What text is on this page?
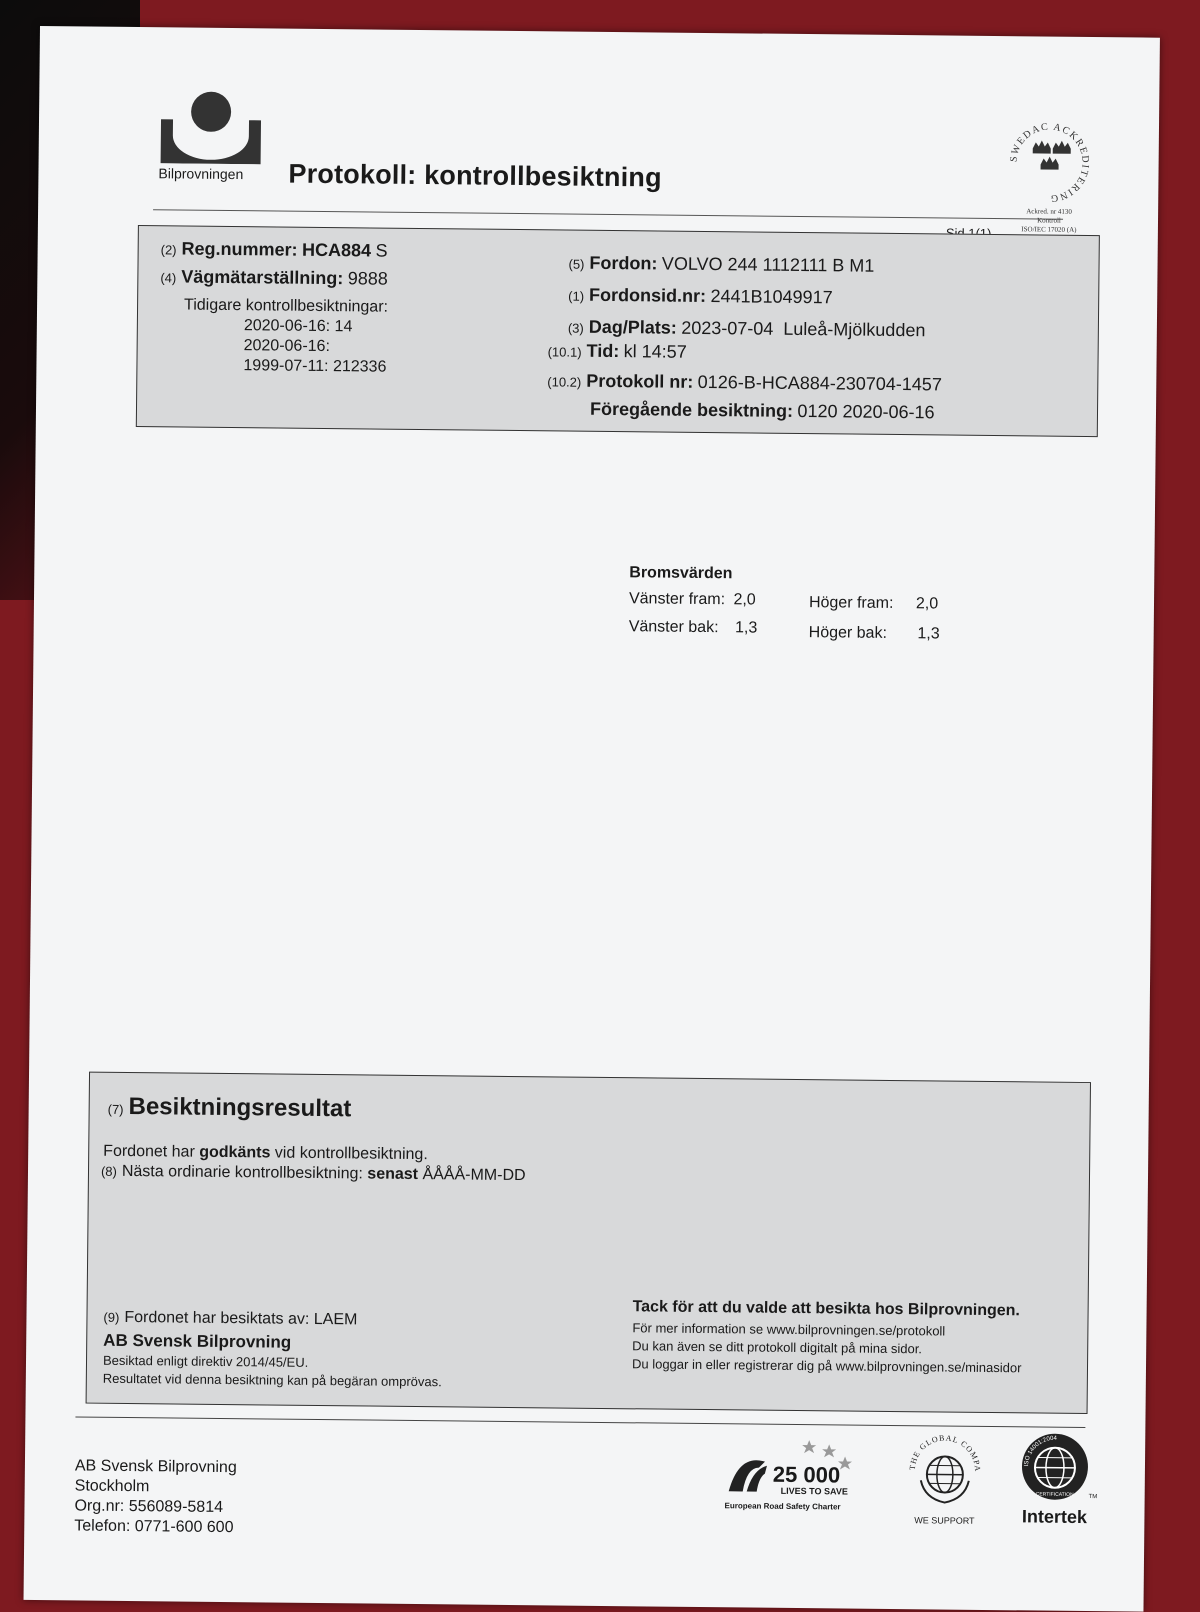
Bilprovningen	Protokoll: kontrollbesiktning
SWEDAC ACKREDITERING
Ackred. nr 4130
Kontroll
ISO/IEC 17020 (A)
(2) Reg.nummer: HCA884 S
(4) Vägmätarställning: 9888
Tidigare kontrollbesiktningar:
2020-06-16: 14
2020-06-16:
1999-07-11: 212336
(5) Fordon: VOLVO 244 1112111 B M1
(1) Fordonsid.nr: 2441B1049917
(3) Dag/Plats: 2023-07-04  Luleå-Mjölkudden
(10.1) Tid: kl 14:57
(10.2) Protokoll nr: 0126-B-HCA884-230704-1457
Föregående besiktning: 0120 2020-06-16
Bromsvärden
Vänster fram: 2,0	Höger fram: 2,0
Vänster bak: 1,3	Höger bak: 1,3
(7) Besiktningsresultat
Fordonet har godkänts vid kontrollbesiktning.
(8) Nästa ordinarie kontrollbesiktning: senast ÅÅÅÅ-MM-DD
(9) Fordonet har besiktats av: LAEM
AB Svensk Bilprovning
Besiktad enligt direktiv 2014/45/EU.
Resultatet vid denna besiktning kan på begäran omprövas.
Tack för att du valde att besikta hos Bilprovningen.
För mer information se www.bilprovningen.se/protokoll
Du kan även se ditt protokoll digitalt på mina sidor.
Du loggar in eller registrerar dig på www.bilprovningen.se/minasidor
AB Svensk Bilprovning
Stockholm
Org.nr: 556089-5814
Telefon: 0771-600 600
25 000
LIVES TO SAVE
European Road Safety Charter
THE GLOBAL COMPACT
WE SUPPORT
ISO 14001:2004
CERTIFICATION TM
Intertek
